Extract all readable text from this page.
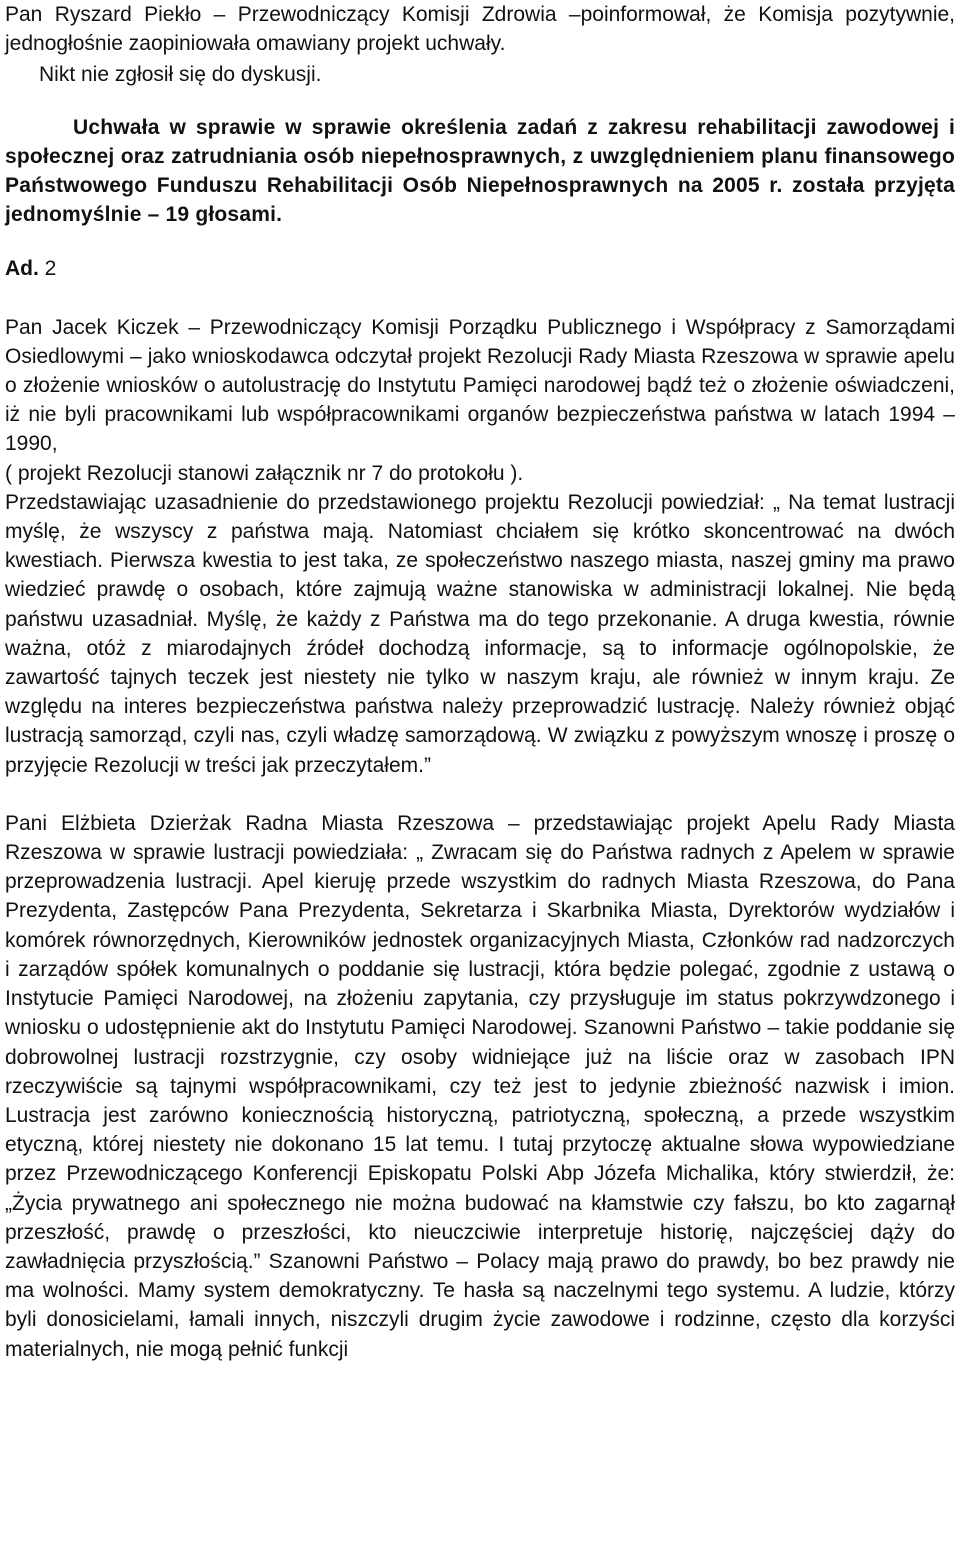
Pan Ryszard Piekło – Przewodniczący Komisji Zdrowia –poinformował, że Komisja pozytywnie, jednogłośnie zaopiniowała omawiany projekt uchwały.

Nikt nie zgłosił się do dyskusji.

Uchwała w sprawie w sprawie określenia zadań z zakresu rehabilitacji zawodowej i społecznej oraz zatrudniania osób niepełnosprawnych, z uwzględnieniem planu finansowego Państwowego Funduszu Rehabilitacji Osób Niepełnosprawnych na 2005 r. została przyjęta jednomyślnie – 19 głosami.

Ad. 2

Pan Jacek Kiczek – Przewodniczący Komisji Porządku Publicznego i Współpracy z Samorządami Osiedlowymi – jako wnioskodawca odczytał projekt Rezolucji Rady Miasta Rzeszowa w sprawie apelu o złożenie wniosków o autolustrację do Instytutu Pamięci narodowej bądź też o złożenie oświadczeni, iż nie byli pracownikami lub współpracownikami organów bezpieczeństwa państwa w latach 1994 – 1990,

( projekt Rezolucji stanowi załącznik nr 7 do protokołu ).

Przedstawiając uzasadnienie do przedstawionego projektu Rezolucji powiedział: „ Na temat lustracji myślę, że wszyscy z państwa mają. Natomiast chciałem się krótko skoncentrować na dwóch kwestiach. Pierwsza kwestia to jest taka, ze społeczeństwo naszego miasta, naszej gminy ma prawo wiedzieć prawdę o osobach, które zajmują ważne stanowiska w administracji lokalnej. Nie będą państwu uzasadniał. Myślę, że każdy z Państwa ma do tego przekonanie. A druga kwestia, równie ważna, otóż z miarodajnych źródeł dochodzą informacje, są to informacje ogólnopolskie, że zawartość tajnych teczek jest niestety nie tylko w naszym kraju, ale również w innym kraju. Ze względu na interes bezpieczeństwa państwa należy przeprowadzić lustrację. Należy również objąć lustracją samorząd, czyli nas, czyli władzę samorządową. W związku z powyższym wnoszę i proszę o przyjęcie Rezolucji w treści jak przeczytałem.”

Pani Elżbieta Dzierżak Radna Miasta Rzeszowa – przedstawiając projekt Apelu Rady Miasta Rzeszowa w sprawie lustracji powiedziała: „ Zwracam się do Państwa radnych z Apelem w sprawie przeprowadzenia lustracji. Apel kieruję przede wszystkim do radnych Miasta Rzeszowa, do Pana Prezydenta, Zastępców Pana Prezydenta, Sekretarza i Skarbnika Miasta, Dyrektorów wydziałów i komórek równorzędnych, Kierowników jednostek organizacyjnych Miasta, Członków rad nadzorczych i zarządów spółek komunalnych o poddanie się lustracji, która będzie polegać, zgodnie z ustawą o Instytucie Pamięci Narodowej, na złożeniu zapytania, czy przysługuje im status pokrzywdzonego i wniosku o udostępnienie akt do Instytutu Pamięci Narodowej. Szanowni Państwo – takie poddanie się dobrowolnej lustracji rozstrzygnie, czy osoby widniejące już na liście oraz w zasobach IPN rzeczywiście są tajnymi współpracownikami, czy też jest to jedynie zbieżność nazwisk i imion. Lustracja jest zarówno koniecznością historyczną, patriotyczną, społeczną, a przede wszystkim etyczną, której niestety nie dokonano 15 lat temu. I tutaj przytoczę aktualne słowa wypowiedziane przez Przewodniczącego Konferencji Episkopatu Polski Abp Józefa Michalika, który stwierdził, że: „Życia prywatnego ani społecznego nie można budować na kłamstwie czy fałszu, bo kto zagarnął przeszłość, prawdę o przeszłości, kto nieuczciwie interpretuje historię, najczęściej dąży do zawładnięcia przyszłością.” Szanowni Państwo – Polacy mają prawo do prawdy, bo bez prawdy nie ma wolności. Mamy system demokratyczny. Te hasła są naczelnymi tego systemu. A ludzie, którzy byli donosicielami, łamali innych, niszczyli drugim życie zawodowe i rodzinne, często dla korzyści materialnych, nie mogą pełnić funkcji
